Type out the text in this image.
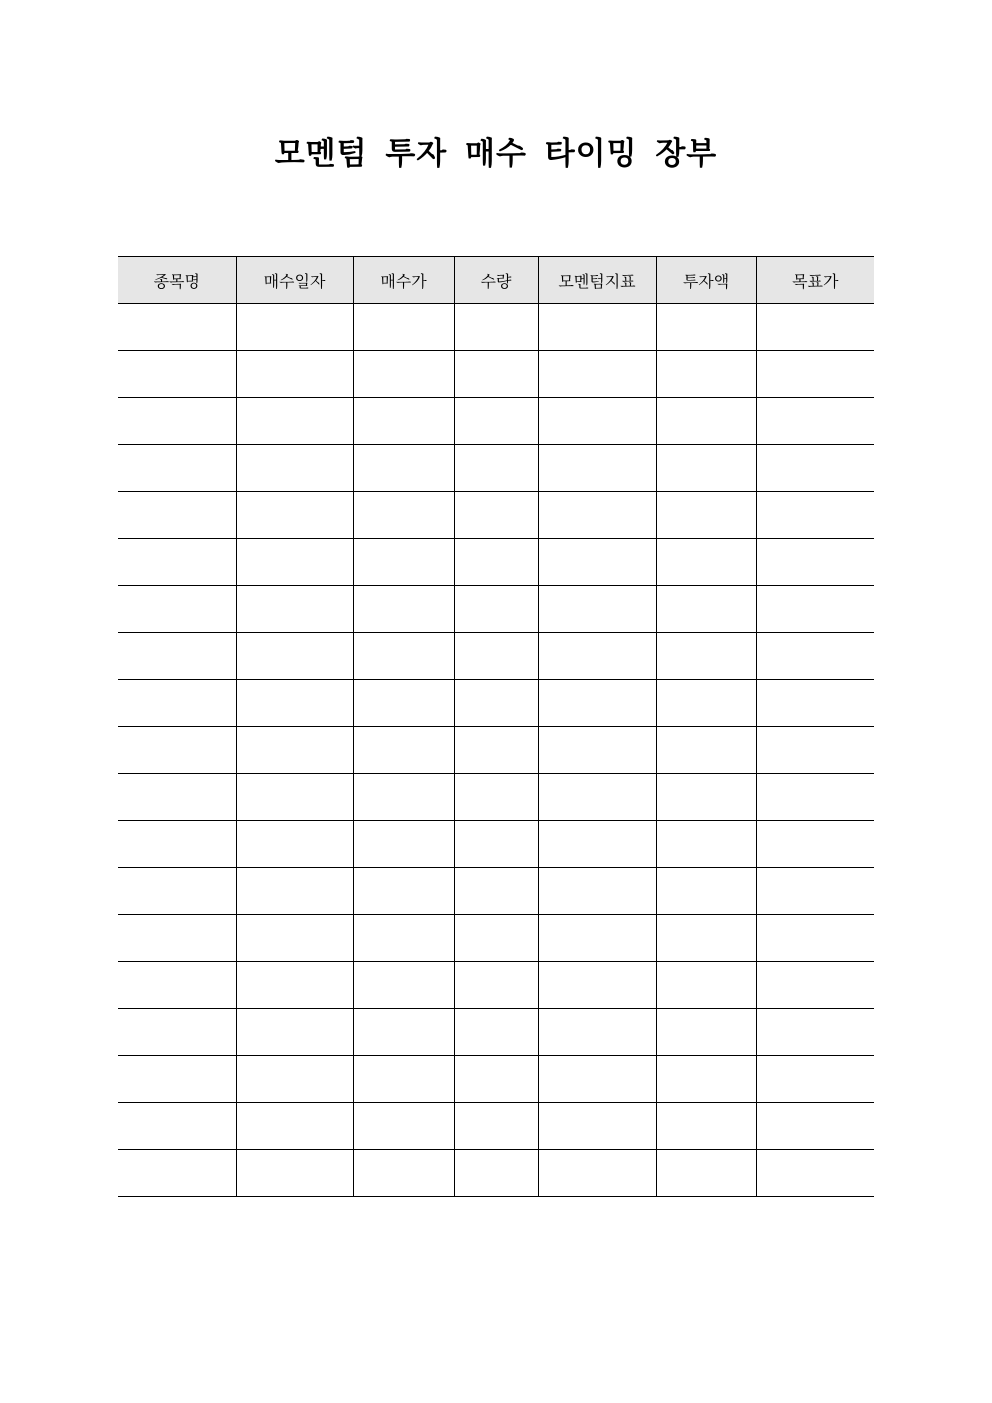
모멘텀 투자 매수 타이밍 장부
종목명	매수일자	매수가	수량	모멘텀지표	투자액	목표가
